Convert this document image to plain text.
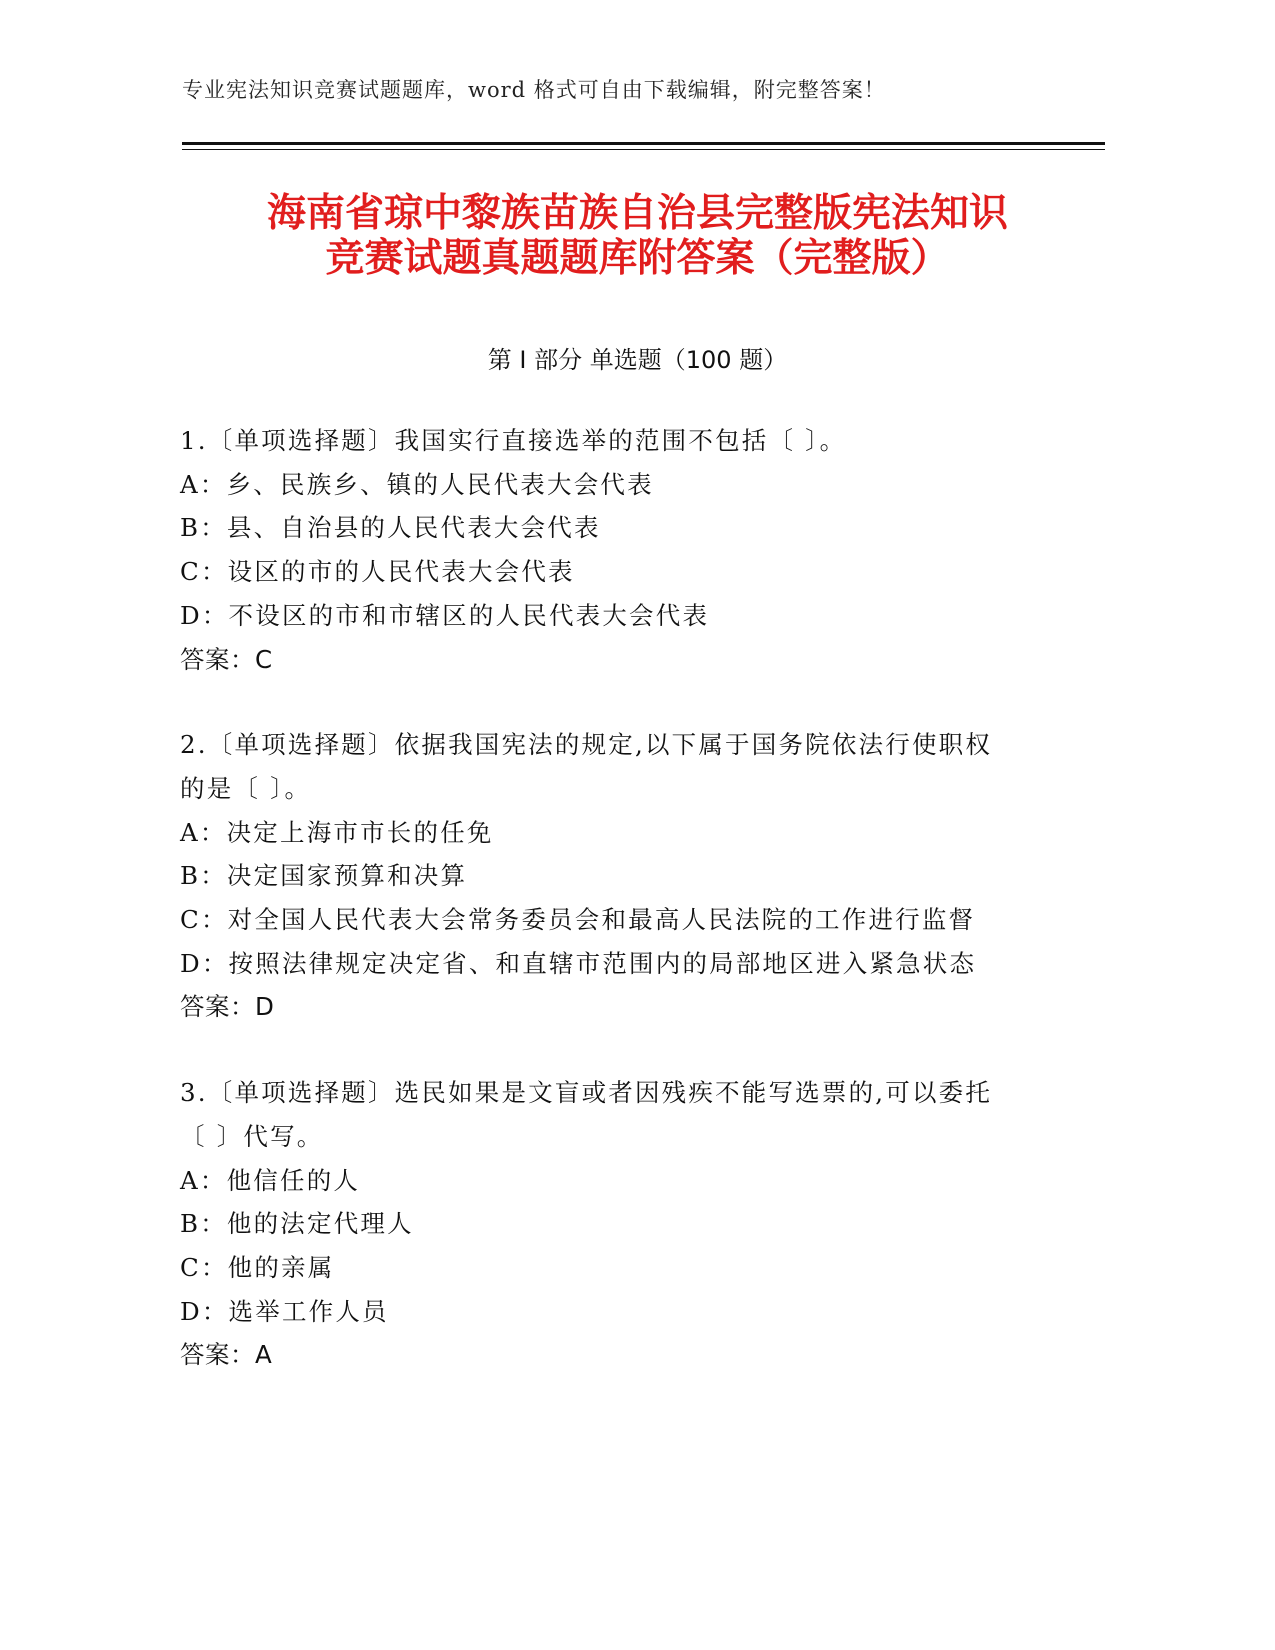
专业宪法知识竞赛试题题库，word 格式可自由下载编辑，附完整答案！
海南省琼中黎族苗族自治县完整版宪法知识
竞赛试题真题题库附答案（完整版）
第 I 部分 单选题（100 题）
1.〔单项选择题〕我国实行直接选举的范围不包括〔 〕。
A：乡、民族乡、镇的人民代表大会代表
B：县、自治县的人民代表大会代表
C：设区的市的人民代表大会代表
D：不设区的市和市辖区的人民代表大会代表
答案：C
2.〔单项选择题〕依据我国宪法的规定,以下属于国务院依法行使职权
的是〔 〕。
A：决定上海市市长的任免
B：决定国家预算和决算
C：对全国人民代表大会常务委员会和最高人民法院的工作进行监督
D：按照法律规定决定省、和直辖市范围内的局部地区进入紧急状态
答案：D
3.〔单项选择题〕选民如果是文盲或者因残疾不能写选票的,可以委托
〔 〕代写。
A：他信任的人
B：他的法定代理人
C：他的亲属
D：选举工作人员
答案：A
